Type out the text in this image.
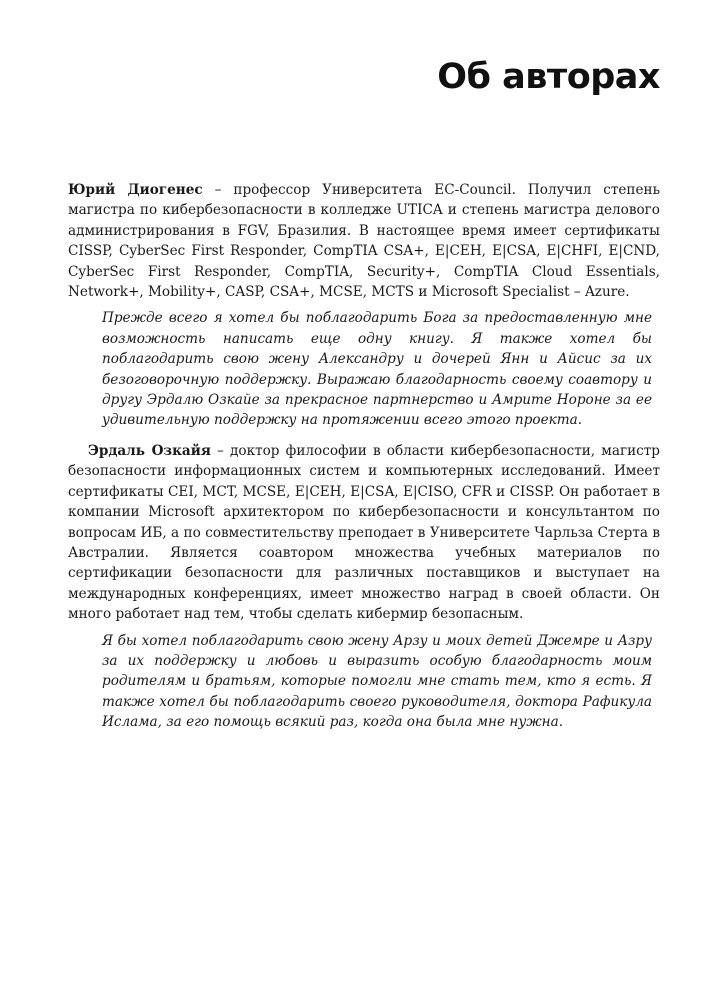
Об авторах

Юрий Диогенес – профессор Университета EC-Council. Получил степень магистра по кибербезопасности в колледже UTICA и степень магистра делового администрирования в FGV, Бразилия. В настоящее время имеет сертификаты CISSP, CyberSec First Responder, CompTIA CSA+, E|CEH, E|CSA, E|CHFI, E|CND, CyberSec First Responder, CompTIA, Security+, CompTIA Cloud Essentials, Network+, Mobility+, CASP, CSA+, MCSE, MCTS и Microsoft Specialist – Azure.

Прежде всего я хотел бы поблагодарить Бога за предоставленную мне возможность написать еще одну книгу. Я также хотел бы поблагодарить свою жену Александру и дочерей Янн и Айсис за их безоговорочную поддержку. Выражаю благодарность своему соавтору и другу Эрдалю Озкайе за прекрасное партнерство и Амрите Нороне за ее удивительную поддержку на протяжении всего этого проекта.

Эрдаль Озкайя – доктор философии в области кибербезопасности, магистр безопасности информационных систем и компьютерных исследований. Имеет сертификаты CEI, MCT, MCSE, E|CEH, E|CSA, E|CISO, CFR и CISSP. Он работает в компании Microsoft архитектором по кибербезопасности и консультантом по вопросам ИБ, а по совместительству преподает в Университете Чарльза Стерта в Австралии. Является соавтором множества учебных материалов по сертификации безопасности для различных поставщиков и выступает на международных конференциях, имеет множество наград в своей области. Он много работает над тем, чтобы сделать кибермир безопасным.

Я бы хотел поблагодарить свою жену Арзу и моих детей Джемре и Азру за их поддержку и любовь и выразить особую благодарность моим родителям и братьям, которые помогли мне стать тем, кто я есть. Я также хотел бы поблагодарить своего руководителя, доктора Рафикула Ислама, за его помощь всякий раз, когда она была мне нужна.
